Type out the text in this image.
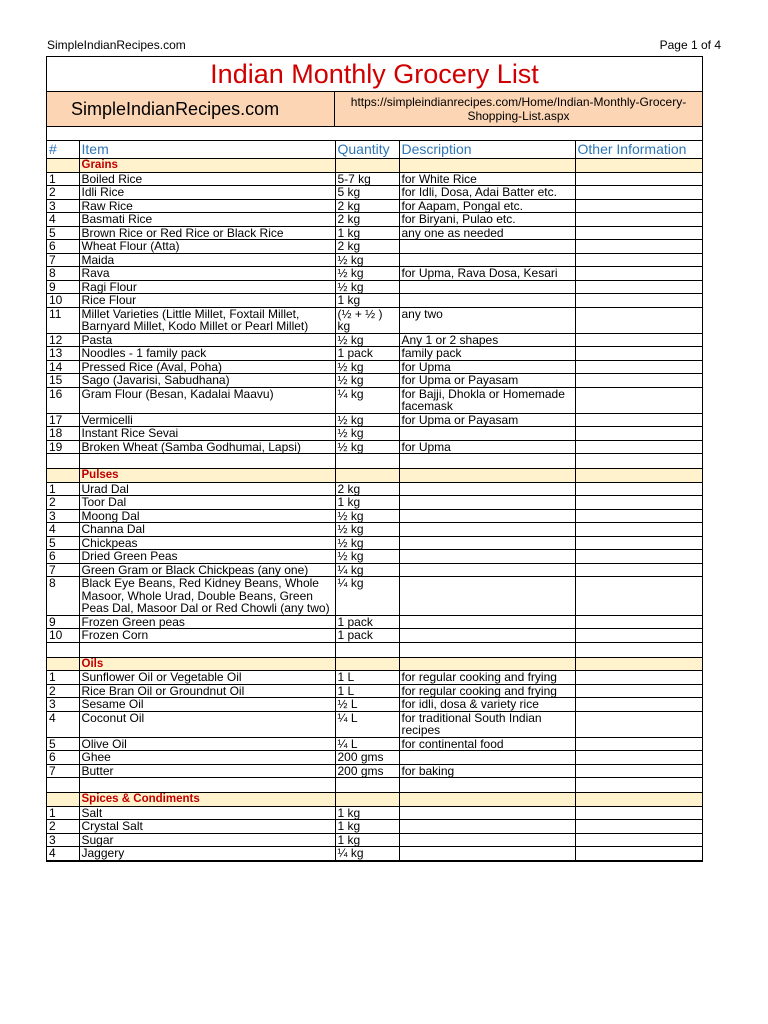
SimpleIndianRecipes.com	Page 1 of 4
Indian Monthly Grocery List
SimpleIndianRecipes.com	https://simpleindianrecipes.com/Home/Indian-Monthly-Grocery-Shopping-List.aspx
#	Item	Quantity	Description	Other Information
	Grains			
1	Boiled Rice	5-7 kg	for White Rice	
2	Idli Rice	5 kg	for Idli, Dosa, Adai Batter etc.	
3	Raw Rice	2 kg	for Aapam, Pongal etc.	
4	Basmati Rice	2 kg	for Biryani, Pulao etc.	
5	Brown Rice or Red Rice or Black Rice	1 kg	any one as needed	
6	Wheat Flour (Atta)	2 kg		
7	Maida	½ kg		
8	Rava	½ kg	for Upma, Rava Dosa, Kesari	
9	Ragi Flour	½ kg		
10	Rice Flour	1 kg		
11	Millet Varieties (Little Millet, Foxtail Millet, Barnyard Millet, Kodo Millet or Pearl Millet)	(½ + ½ ) kg	any two	
12	Pasta	½ kg	Any 1 or 2 shapes	
13	Noodles - 1 family pack	1 pack	family pack	
14	Pressed Rice (Aval, Poha)	½ kg	for Upma	
15	Sago (Javarisi, Sabudhana)	½ kg	for Upma or Payasam	
16	Gram Flour (Besan, Kadalai Maavu)	¼ kg	for Bajji, Dhokla or Homemade facemask	
17	Vermicelli	½ kg	for Upma or Payasam	
18	Instant Rice Sevai	½ kg		
19	Broken Wheat (Samba Godhumai, Lapsi)	½ kg	for Upma	

	Pulses			
1	Urad Dal	2 kg		
2	Toor Dal	1 kg		
3	Moong Dal	½ kg		
4	Channa Dal	½ kg		
5	Chickpeas	½ kg		
6	Dried Green Peas	½ kg		
7	Green Gram or Black Chickpeas (any one)	¼ kg		
8	Black Eye Beans, Red Kidney Beans, Whole Masoor, Whole Urad, Double Beans, Green Peas Dal, Masoor Dal or Red Chowli (any two)	¼ kg		
9	Frozen Green peas	1 pack		
10	Frozen Corn	1 pack		

	Oils			
1	Sunflower Oil or Vegetable Oil	1 L	for regular cooking and frying	
2	Rice Bran Oil or Groundnut Oil	1 L	for regular cooking and frying	
3	Sesame Oil	½ L	for idli, dosa & variety rice	
4	Coconut Oil	¼ L	for traditional South Indian recipes	
5	Olive Oil	¼ L	for continental food	
6	Ghee	200 gms		
7	Butter	200 gms	for baking	

	Spices & Condiments			
1	Salt	1 kg		
2	Crystal Salt	1 kg		
3	Sugar	1 kg		
4	Jaggery	¼ kg		
